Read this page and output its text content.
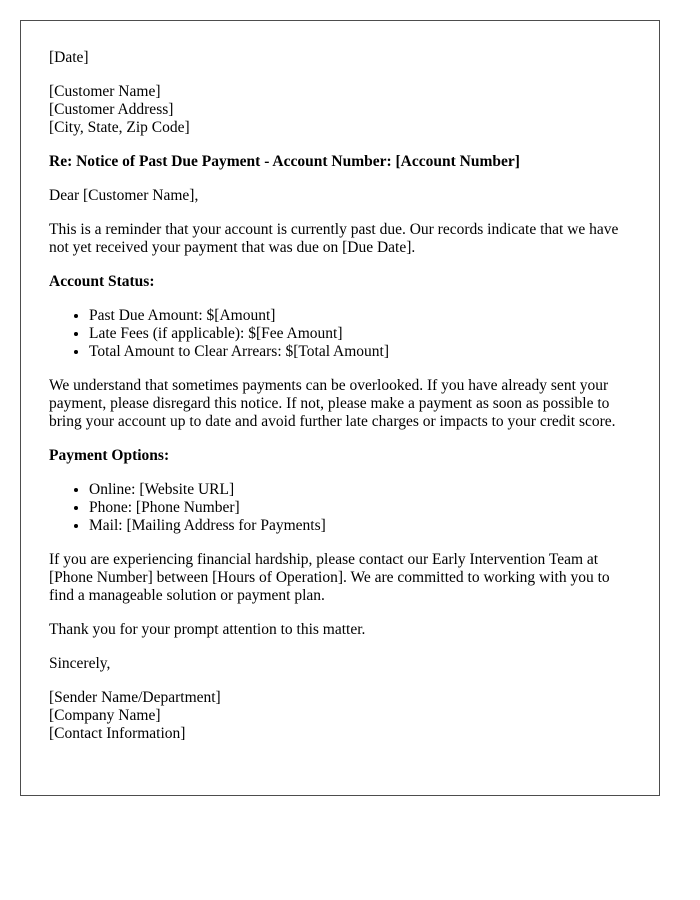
[Date]

[Customer Name]
[Customer Address]
[City, State, Zip Code]

Re: Notice of Past Due Payment - Account Number: [Account Number]

Dear [Customer Name],

This is a reminder that your account is currently past due. Our records indicate that we have not yet received your payment that was due on [Due Date].

Account Status:

• Past Due Amount: $[Amount]
• Late Fees (if applicable): $[Fee Amount]
• Total Amount to Clear Arrears: $[Total Amount]

We understand that sometimes payments can be overlooked. If you have already sent your payment, please disregard this notice. If not, please make a payment as soon as possible to bring your account up to date and avoid further late charges or impacts to your credit score.

Payment Options:

• Online: [Website URL]
• Phone: [Phone Number]
• Mail: [Mailing Address for Payments]

If you are experiencing financial hardship, please contact our Early Intervention Team at [Phone Number] between [Hours of Operation]. We are committed to working with you to find a manageable solution or payment plan.

Thank you for your prompt attention to this matter.

Sincerely,

[Sender Name/Department]
[Company Name]
[Contact Information]
